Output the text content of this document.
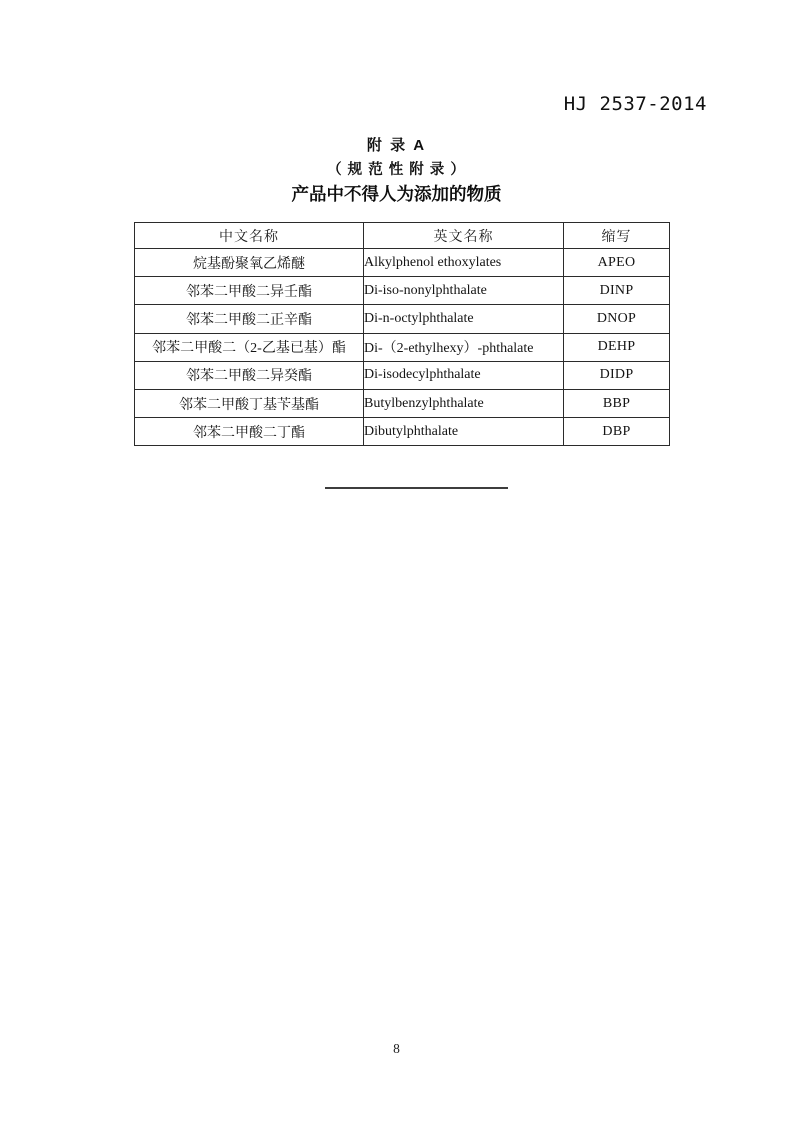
HJ 2537-2014
附 录 A
（ 规 范 性 附 录 ）
产品中不得人为添加的物质
中文名称	英文名称	缩写
烷基酚聚氧乙烯醚	Alkylphenol ethoxylates	APEO
邻苯二甲酸二异壬酯	Di-iso-nonylphthalate	DINP
邻苯二甲酸二正辛酯	Di-n-octylphthalate	DNOP
邻苯二甲酸二（2-乙基已基）酯	Di-（2-ethylhexy）-phthalate	DEHP
邻苯二甲酸二异癸酯	Di-isodecylphthalate	DIDP
邻苯二甲酸丁基苄基酯	Butylbenzylphthalate	BBP
邻苯二甲酸二丁酯	Dibutylphthalate	DBP
8
